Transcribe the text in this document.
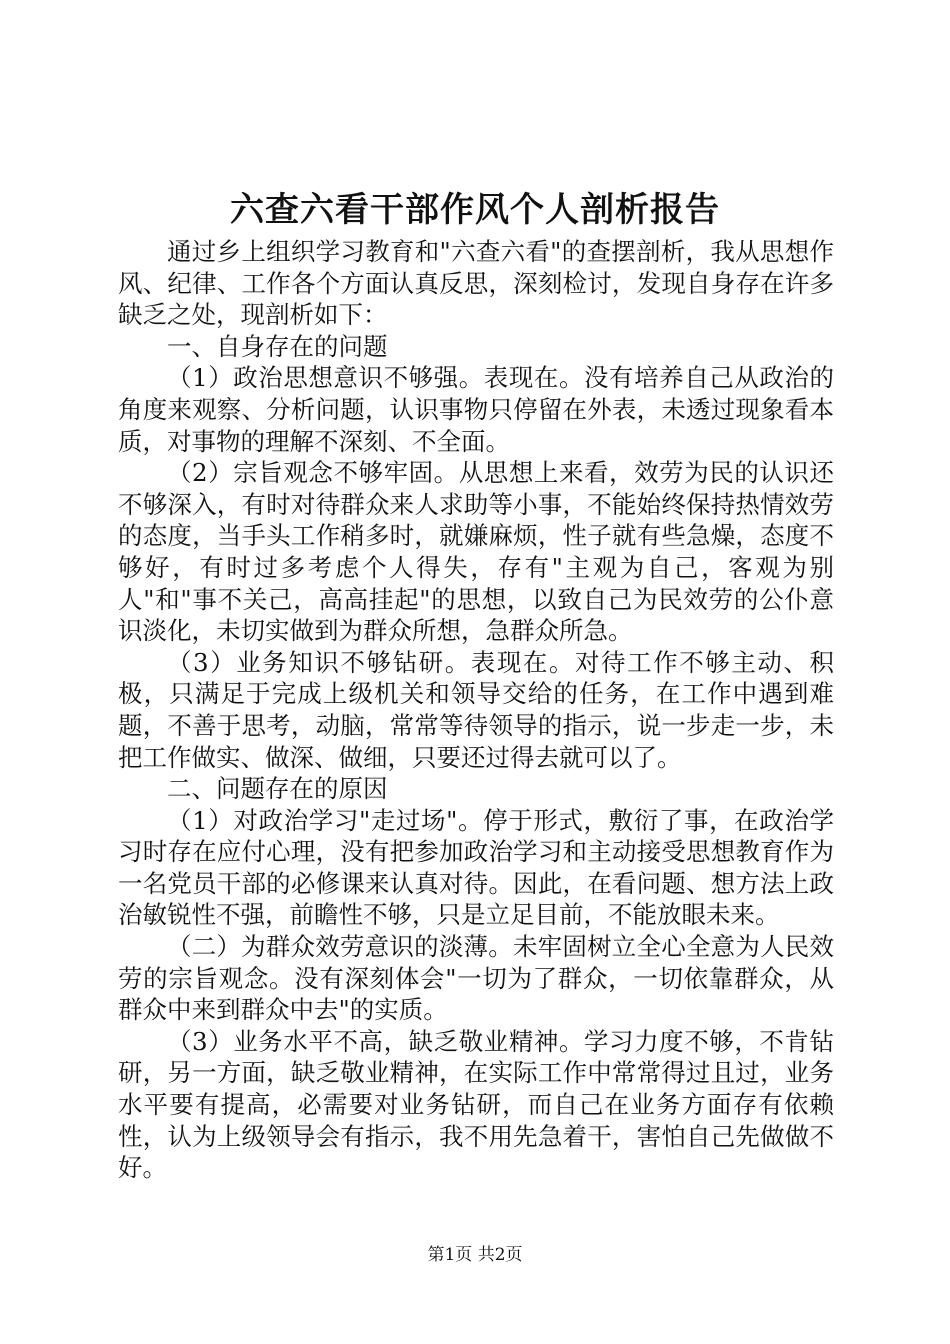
六查六看干部作风个人剖析报告

通过乡上组织学习教育和"六查六看"的查摆剖析，我从思想作风、纪律、工作各个方面认真反思，深刻检讨，发现自身存在许多缺乏之处，现剖析如下：

一、自身存在的问题

（1）政治思想意识不够强。表现在。没有培养自己从政治的角度来观察、分析问题，认识事物只停留在外表，未透过现象看本质，对事物的理解不深刻、不全面。

（2）宗旨观念不够牢固。从思想上来看，效劳为民的认识还不够深入，有时对待群众来人求助等小事，不能始终保持热情效劳的态度，当手头工作稍多时，就嫌麻烦，性子就有些急燥，态度不够好，有时过多考虑个人得失，存有"主观为自己，客观为别人"和"事不关己，高高挂起"的思想，以致自己为民效劳的公仆意识淡化，未切实做到为群众所想，急群众所急。

（3）业务知识不够钻研。表现在。对待工作不够主动、积极，只满足于完成上级机关和领导交给的任务，在工作中遇到难题，不善于思考，动脑，常常等待领导的指示，说一步走一步，未把工作做实、做深、做细，只要还过得去就可以了。

二、问题存在的原因

（1）对政治学习"走过场"。停于形式，敷衍了事，在政治学习时存在应付心理，没有把参加政治学习和主动接受思想教育作为一名党员干部的必修课来认真对待。因此，在看问题、想方法上政治敏锐性不强，前瞻性不够，只是立足目前，不能放眼未来。

（二）为群众效劳意识的淡薄。未牢固树立全心全意为人民效劳的宗旨观念。没有深刻体会"一切为了群众，一切依靠群众，从群众中来到群众中去"的实质。

（3）业务水平不高，缺乏敬业精神。学习力度不够，不肯钻研，另一方面，缺乏敬业精神，在实际工作中常常得过且过，业务水平要有提高，必需要对业务钻研，而自己在业务方面存有依赖性，认为上级领导会有指示，我不用先急着干，害怕自己先做做不好。

第1页 共2页
